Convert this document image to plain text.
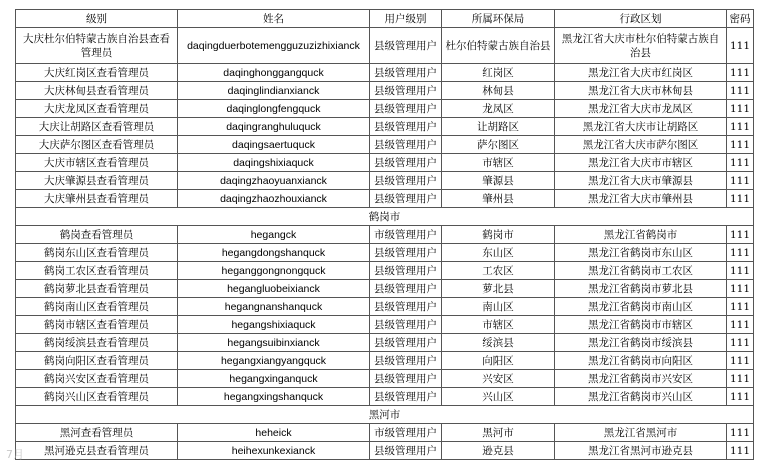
级别	姓名	用户级别	所属环保局	行政区划	密码
大庆杜尔伯特蒙古族自治县查看管理员	daqingduerbotemengguzuzizhixianck	县级管理用户	杜尔伯特蒙古族自治县	黑龙江省大庆市杜尔伯特蒙古族自治县	111
大庆红岗区查看管理员	daqinghonggangquck	县级管理用户	红岗区	黑龙江省大庆市红岗区	111
大庆林甸县查看管理员	daqinglindianxianck	县级管理用户	林甸县	黑龙江省大庆市林甸县	111
大庆龙凤区查看管理员	daqinglongfengquck	县级管理用户	龙凤区	黑龙江省大庆市龙凤区	111
大庆让胡路区查看管理员	daqingranghuluquck	县级管理用户	让胡路区	黑龙江省大庆市让胡路区	111
大庆萨尔图区查看管理员	daqingsaertuquck	县级管理用户	萨尔图区	黑龙江省大庆市萨尔图区	111
大庆市辖区查看管理员	daqingshixiaquck	县级管理用户	市辖区	黑龙江省大庆市市辖区	111
大庆肇源县查看管理员	daqingzhaoyuanxianck	县级管理用户	肇源县	黑龙江省大庆市肇源县	111
大庆肇州县查看管理员	daqingzhaozhouxianck	县级管理用户	肇州县	黑龙江省大庆市肇州县	111
鹤岗市					
鹤岗查看管理员	hegangck	市级管理用户	鹤岗市	黑龙江省鹤岗市	111
鹤岗东山区查看管理员	hegangdongshanquck	县级管理用户	东山区	黑龙江省鹤岗市东山区	111
鹤岗工农区查看管理员	heganggongnongquck	县级管理用户	工农区	黑龙江省鹤岗市工农区	111
鹤岗萝北县查看管理员	hegangluobeixianck	县级管理用户	萝北县	黑龙江省鹤岗市萝北县	111
鹤岗南山区查看管理员	hegangnanshanquck	县级管理用户	南山区	黑龙江省鹤岗市南山区	111
鹤岗市辖区查看管理员	hegangshixiaquck	县级管理用户	市辖区	黑龙江省鹤岗市市辖区	111
鹤岗绥滨县查看管理员	hegangsuibinxianck	县级管理用户	绥滨县	黑龙江省鹤岗市绥滨县	111
鹤岗向阳区查看管理员	hegangxiangyangquck	县级管理用户	向阳区	黑龙江省鹤岗市向阳区	111
鹤岗兴安区查看管理员	hegangxinganquck	县级管理用户	兴安区	黑龙江省鹤岗市兴安区	111
鹤岗兴山区查看管理员	hegangxingshanquck	县级管理用户	兴山区	黑龙江省鹤岗市兴山区	111
黑河市					
黑河查看管理员	heheick	市级管理用户	黑河市	黑龙江省黑河市	111
黑河逊克县查看管理员	heihexunkexianck	县级管理用户	逊克县	黑龙江省黑河市逊克县	111
7月
